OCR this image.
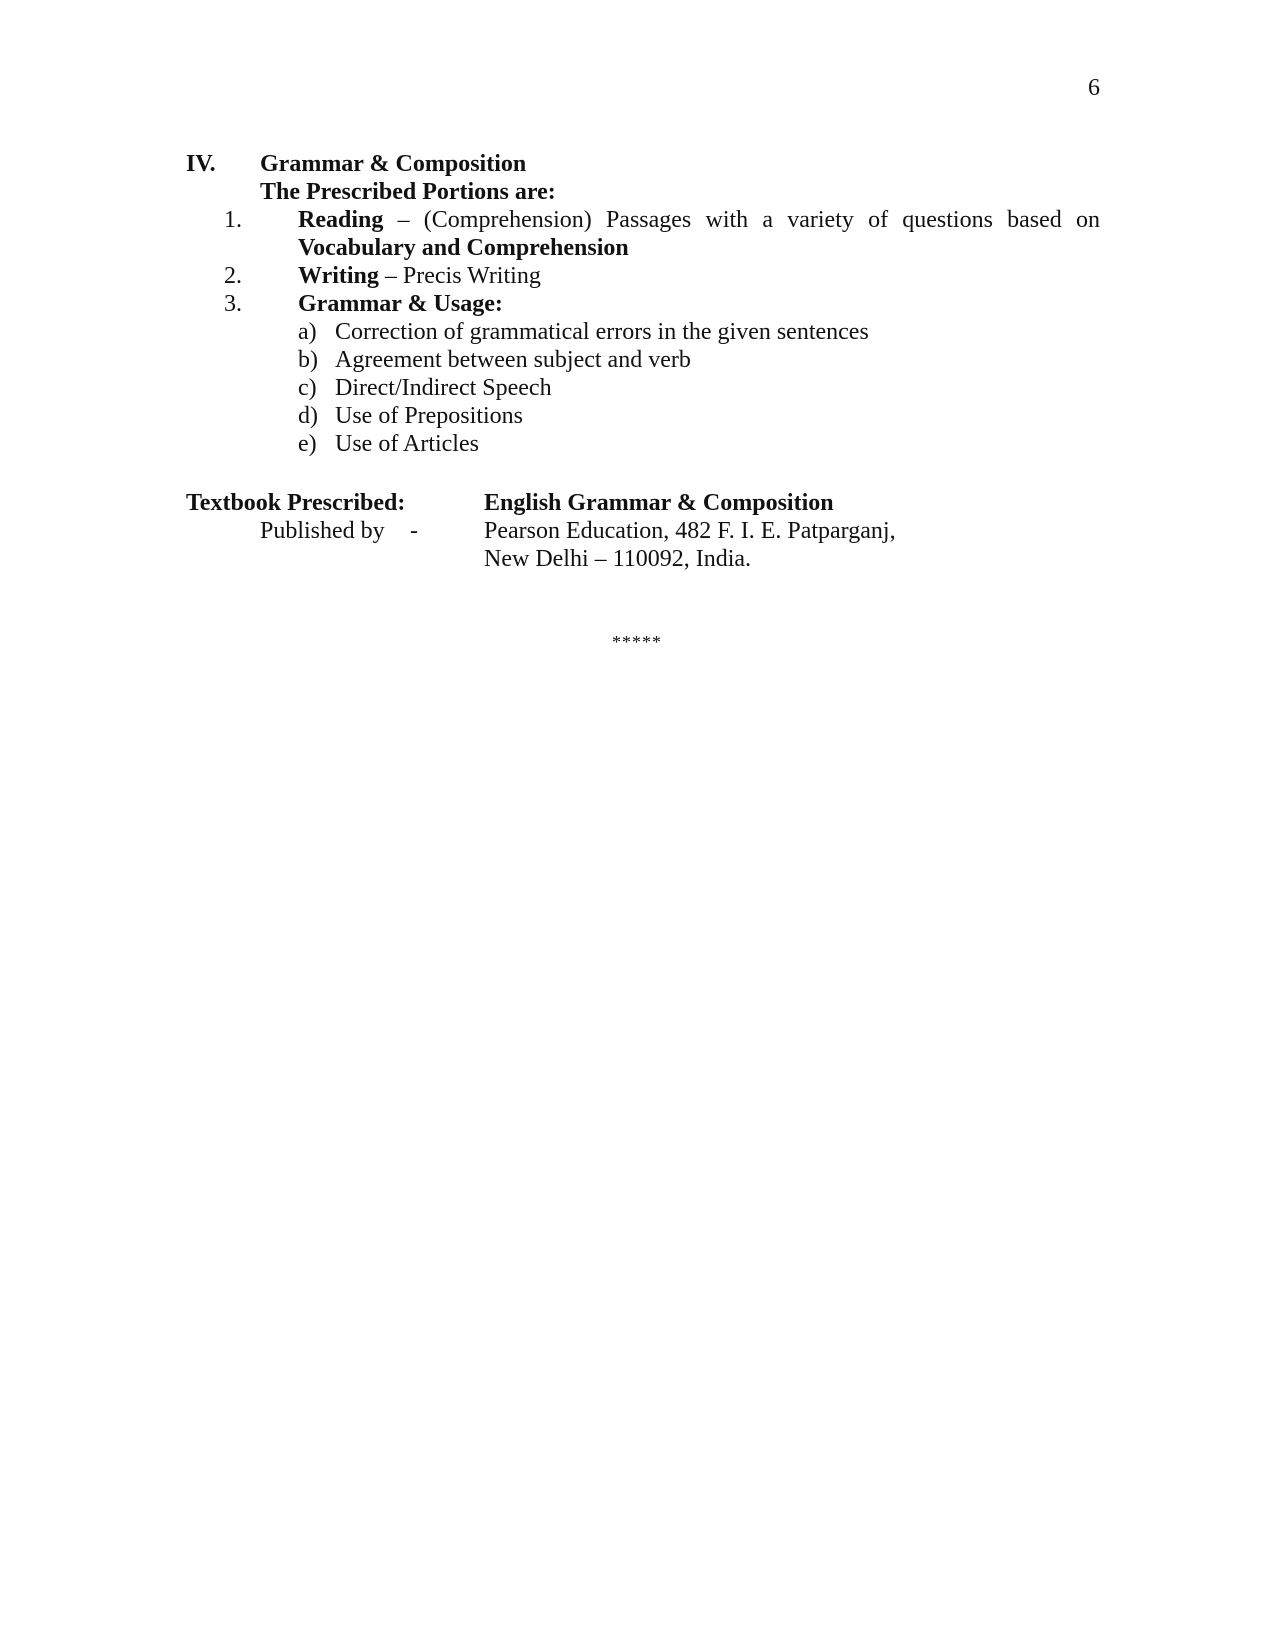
6
IV. Grammar & Composition
The Prescribed Portions are:
1. Reading – (Comprehension) Passages with a variety of questions based on
Vocabulary and Comprehension
2. Writing – Precis Writing
3. Grammar & Usage:
a) Correction of grammatical errors in the given sentences
b) Agreement between subject and verb
c) Direct/Indirect Speech
d) Use of Prepositions
e) Use of Articles
Textbook Prescribed:	English Grammar & Composition
Published by -	Pearson Education, 482 F. I. E. Patparganj,
New Delhi – 110092, India.
*****
